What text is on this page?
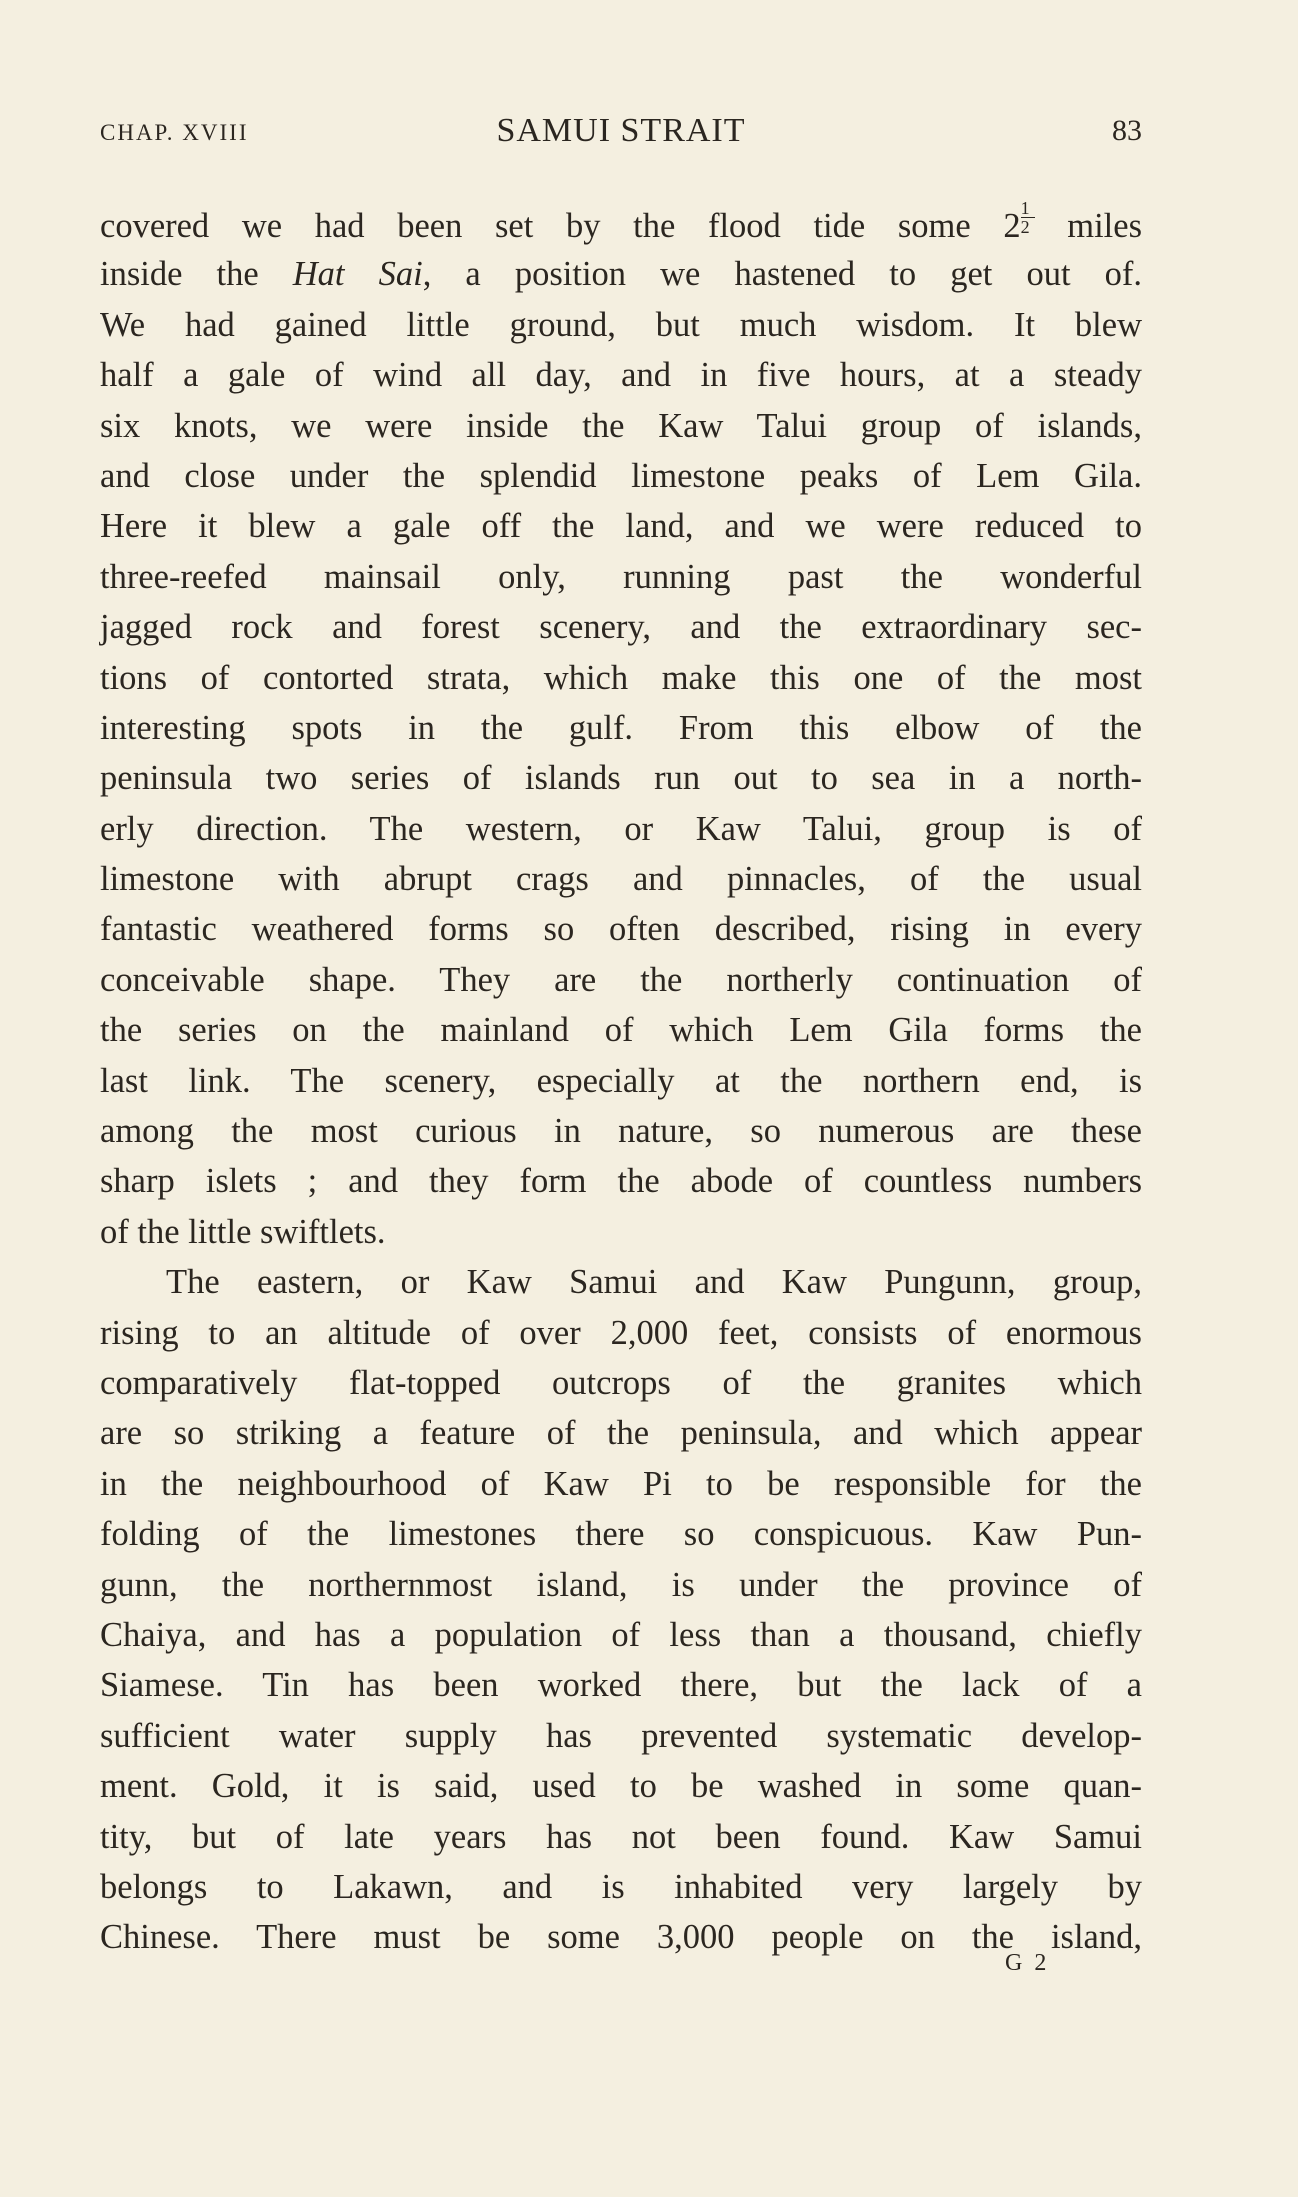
CHAP. XVIII	SAMUI STRAIT	83
covered we had been set by the flood tide some $2 \frac{1}{2}$ miles
inside the Hat Sai, a position we hastened to get out of.
We had gained little ground, but much wisdom. It blew
half a gale of wind all day, and in five hours, at a steady
six knots, we were inside the Kaw Talui group of islands,
and close under the splendid limestone peaks of Lem Gila.
Here it blew a gale off the land, and we were reduced to
three-reefed mainsail only, running past the wonderful
jagged rock and forest scenery, and the extraordinary sec-
tions of contorted strata, which make this one of the most
interesting spots in the gulf. From this elbow of the
peninsula two series of islands run out to sea in a north-
erly direction. The western, or Kaw Talui, group is of
limestone with abrupt crags and pinnacles, of the usual
fantastic weathered forms so often described, rising in every
conceivable shape. They are the northerly continuation of
the series on the mainland of which Lem Gila forms the
last link. The scenery, especially at the northern end, is
among the most curious in nature, so numerous are these
sharp islets ; and they form the abode of countless numbers
of the little swiftlets.
The eastern, or Kaw Samui and Kaw Pungunn, group,
rising to an altitude of over 2,000 feet, consists of enormous
comparatively flat-topped outcrops of the granites which
are so striking a feature of the peninsula, and which appear
in the neighbourhood of Kaw Pi to be responsible for the
folding of the limestones there so conspicuous. Kaw Pun-
gunn, the northernmost island, is under the province of
Chaiya, and has a population of less than a thousand, chiefly
Siamese. Tin has been worked there, but the lack of a
sufficient water supply has prevented systematic develop-
ment. Gold, it is said, used to be washed in some quan-
tity, but of late years has not been found. Kaw Samui
belongs to Lakawn, and is inhabited very largely by
Chinese. There must be some 3,000 people on the island,
G 2
